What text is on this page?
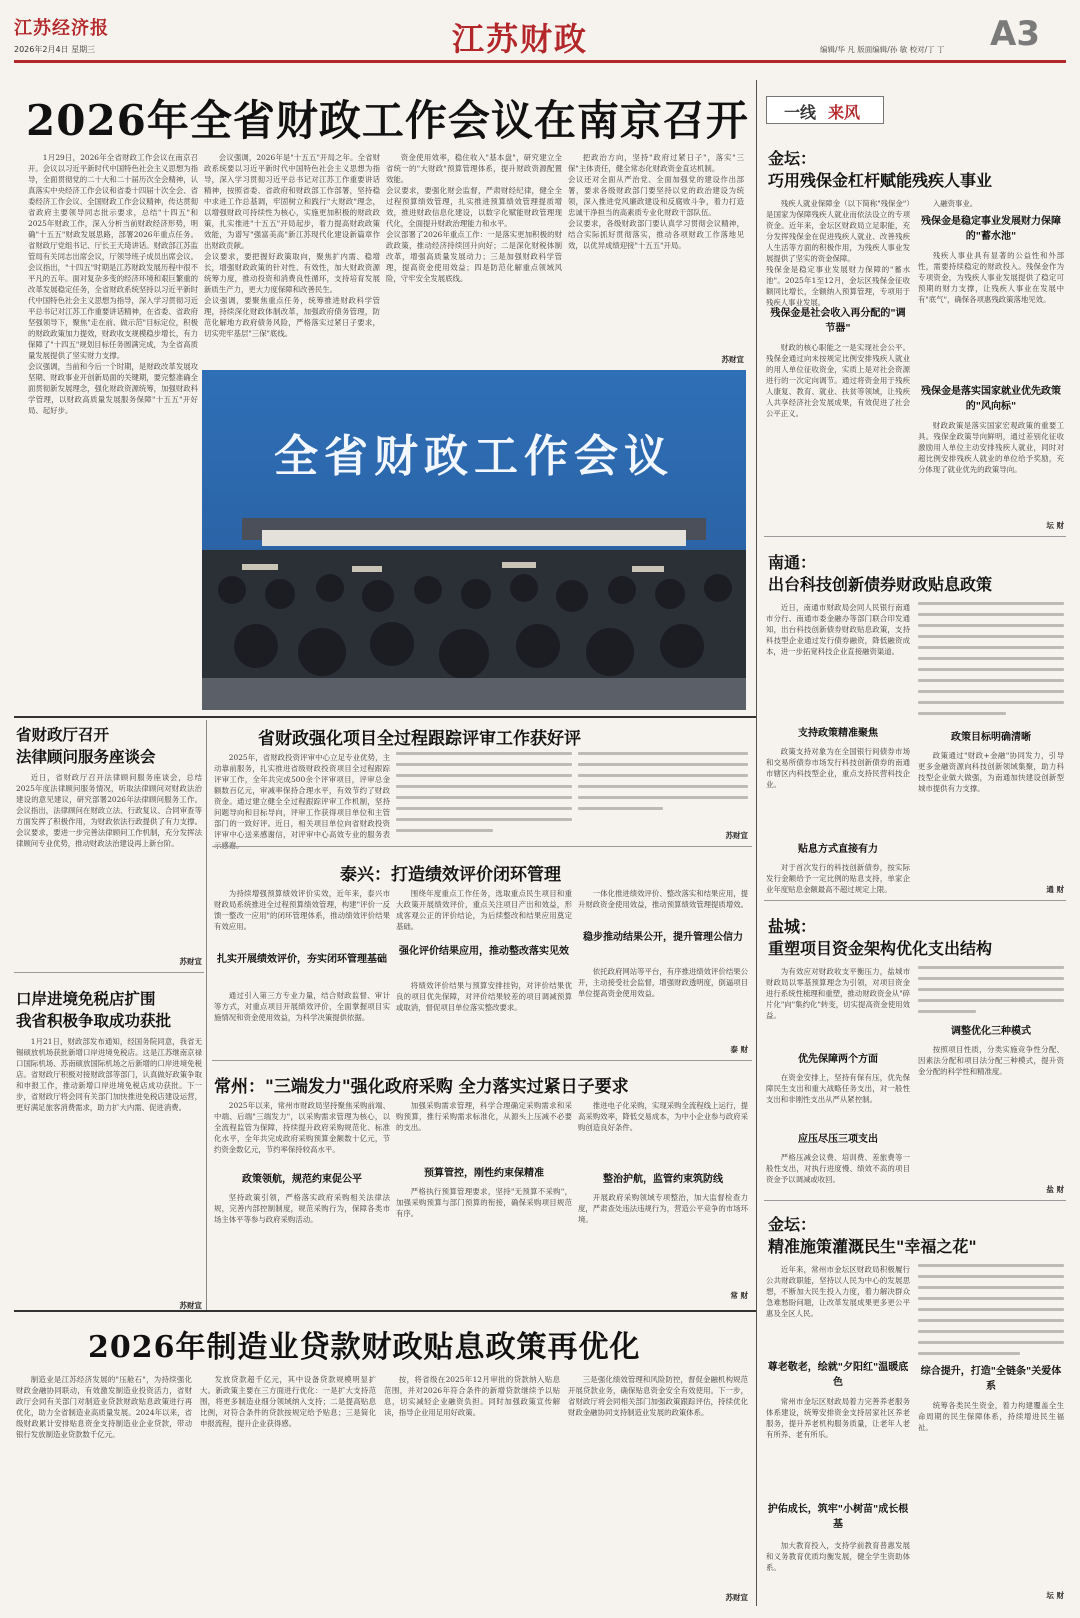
江苏经济报
2026年2月4日 星期三	江苏财政	编辑/华 凡 版面编辑/孙 敏 校对/丁 丁 A3
2026年全省财政工作会议在南京召开

1月29日，2026年全省财政工作会议在南京召开。会议以习近平新时代中国特色社会主义思想为指导，全面贯彻党的二十大和二十届历次全会精神，认真落实中央经济工作会议和省委十四届十次全会、省委经济工作会议、全国财政工作会议精神，传达贯彻省政府主要领导同志批示要求，总结"十四五"和2025年财政工作，深入分析当前财政经济形势，明确"十五五"财政发展思路，部署2026年重点任务。省财政厅党组书记、厅长王天琦讲话。财政部江苏监管局有关同志出席会议，厅领导班子成员出席会议。
会议指出，"十四五"时期是江苏财政发展历程中很不平凡的五年。面对复杂多变的经济环境和艰巨繁重的改革发展稳定任务，全省财政系统坚持以习近平新时代中国特色社会主义思想为指导，深入学习贯彻习近平总书记对江苏工作重要讲话精神，在省委、省政府坚强领导下，聚焦"走在前、做示范"目标定位，积极的财政政策加力提效，财政收支规模稳步增长，有力保障了"十四五"规划目标任务圆满完成，为全省高质量发展提供了坚实财力支撑。
会议强调，当前和今后一个时期，是财政改革发展攻坚期、财政事业开创新局面的关键期，要完整准确全面贯彻新发展理念，强化财政资源统筹，加强财政科学管理，以财政高质量发展服务保障"十五五"开好局、起好步。

会议强调，2026年是"十五五"开局之年。全省财政系统要以习近平新时代中国特色社会主义思想为指导，深入学习贯彻习近平总书记对江苏工作重要讲话精神，按照省委、省政府和财政部工作部署，坚持稳中求进工作总基调，牢固树立和践行"大财政"理念，以增强财政可持续性为核心，实施更加积极的财政政策，扎实推进"十五五"开局起步，着力提高财政政策效能，为谱写"强富美高"新江苏现代化建设新篇章作出财政贡献。
会议要求，要把握好政策取向，聚焦扩内需、稳增长，增强财政政策的针对性、有效性，加大财政资源统筹力度，推动投资和消费良性循环，支持培育发展新质生产力，更大力度保障和改善民生。
会议强调，要聚焦重点任务，统筹推进财政科学管理，持续深化财政体制改革，加强政府债务管理，防范化解地方政府债务风险，严格落实过紧日子要求，切实兜牢基层"三保"底线。

资金使用效率，稳住收入"基本盘"，研究建立全省统一的"大财政"预算管理体系，提升财政资源配置效能。
会议要求，要强化财会监督，严肃财经纪律，健全全过程预算绩效管理，扎实推进预算绩效管理提质增效，推进财政信息化建设，以数字化赋能财政管理现代化，全面提升财政治理能力和水平。
会议部署了2026年重点工作：一是落实更加积极的财政政策，推动经济持续回升向好；二是深化财税体制改革，增强高质量发展动力；三是加强财政科学管理，提高资金使用效益；四是防范化解重点领域风险，守牢安全发展底线。

把政治方向，坚持"政府过紧日子"，落实"三保"主体责任，健全常态化财政资金直达机制。
会议还对全面从严治党、全面加强党的建设作出部署，要求各级财政部门要坚持以党的政治建设为统领，深入推进党风廉政建设和反腐败斗争，着力打造忠诚干净担当的高素质专业化财政干部队伍。
会议要求，各级财政部门要认真学习贯彻会议精神，结合实际抓好贯彻落实，推动各项财政工作落地见效，以优异成绩迎接"十五五"开局。

苏财宣
全省财政工作会议
一线 来风
金坛：
巧用残保金杠杆赋能残疾人事业

残疾人就业保障金（以下简称"残保金"）是国家为保障残疾人就业而依法设立的专项资金。近年来，金坛区财政局立足职能，充分发挥残保金在促进残疾人就业、改善残疾人生活等方面的积极作用，为残疾人事业发展提供了坚实的资金保障。
残保金是稳定事业发展财力保障的"蓄水池"。2025年1至12月，金坛区残保金征收额同比增长，全额纳入预算管理，专项用于残疾人事业发展。

残保金是社会收入再分配的"调节器"

财政的核心职能之一是实现社会公平。残保金通过向未按规定比例安排残疾人就业的用人单位征收资金，实质上是对社会资源进行的一次定向调节。通过将资金用于残疾人康复、教育、就业、扶贫等领域，让残疾人共享经济社会发展成果，有效促进了社会公平正义。

入融资事业。

残保金是稳定事业发展财力保障的"蓄水池"

残疾人事业具有显著的公益性和外部性，需要持续稳定的财政投入。残保金作为专项资金，为残疾人事业发展提供了稳定可预期的财力支撑，让残疾人事业在发展中有"底气"，确保各项惠残政策落地见效。

残保金是落实国家就业优先政策的"风向标"

财政政策是落实国家宏观政策的重要工具。残保金政策导向鲜明，通过差别化征收激励用人单位主动安排残疾人就业，同时对超比例安排残疾人就业的单位给予奖励，充分体现了就业优先的政策导向。

坛 财
南通：
出台科技创新债券财政贴息政策

近日，南通市财政局会同人民银行南通市分行、南通市委金融办等部门联合印发通知，出台科技创新债券财政贴息政策，支持科技型企业通过发行债券融资，降低融资成本，进一步拓宽科技企业直接融资渠道。

支持政策精准聚焦

政策支持对象为在全国银行间债券市场和交易所债券市场发行科技创新债券的南通市辖区内科技型企业，重点支持民营科技企业。

贴息方式直接有力

对于首次发行的科技创新债券，按实际发行金额给予一定比例的贴息支持，单家企业年度贴息金额最高不超过规定上限。

政策目标明确清晰

政策通过"财政+金融"协同发力，引导更多金融资源向科技创新领域集聚，助力科技型企业做大做强，为南通加快建设创新型城市提供有力支撑。

通 财
盐城：
重塑项目资金架构优化支出结构

为有效应对财政收支平衡压力，盐城市财政局以零基预算理念为引领，对项目资金进行系统性梳理和重塑，推动财政资金从"碎片化"向"集约化"转变，切实提高资金使用效益。

优先保障两个方面

在资金安排上，坚持有保有压，优先保障民生支出和重大战略任务支出，对一般性支出和非刚性支出从严从紧控制。

应压尽压三项支出

严格压减会议费、培训费、差旅费等一般性支出，对执行进度慢、绩效不高的项目资金予以调减或收回。

调整优化三种模式

按照项目性质，分类实施竞争性分配、因素法分配和项目法分配三种模式，提升资金分配的科学性和精准度。

盐 财
金坛：
精准施策灌溉民生"幸福之花"

近年来，常州市金坛区财政局积极履行公共财政职能，坚持以人民为中心的发展思想，不断加大民生投入力度，着力解决群众急难愁盼问题，让改革发展成果更多更公平惠及全区人民。

尊老敬老，绘就"夕阳红"温暖底色

常州市金坛区财政局着力完善养老服务体系建设，统筹安排资金支持居家社区养老服务，提升养老机构服务质量，让老年人老有所养、老有所乐。

护佑成长，筑牢"小树苗"成长根基

加大教育投入，支持学前教育普惠发展和义务教育优质均衡发展，健全学生资助体系。

综合提升，打造"全链条"关爱体系

统筹各类民生资金，着力构建覆盖全生命周期的民生保障体系，持续增进民生福祉。

坛 财
省财政厅召开
法律顾问服务座谈会

近日，省财政厅召开法律顾问服务座谈会，总结2025年度法律顾问服务情况，听取法律顾问对财政法治建设的意见建议，研究部署2026年法律顾问服务工作。会议指出，法律顾问在财政立法、行政复议、合同审查等方面发挥了积极作用，为财政依法行政提供了有力支撑。会议要求，要进一步完善法律顾问工作机制，充分发挥法律顾问专业优势，推动财政法治建设再上新台阶。

苏财宣
口岸进境免税店扩围
我省积极争取成功获批

1月21日，财政部发布通知，经国务院同意，我省无锡硕放机场获批新增口岸进境免税店。这是江苏继南京禄口国际机场、苏南硕放国际机场之后新增的口岸进境免税店。省财政厅积极对接财政部等部门，认真做好政策争取和申报工作，推动新增口岸进境免税店成功获批。下一步，省财政厅将会同有关部门加快推进免税店建设运营，更好满足旅客消费需求，助力扩大内需、促进消费。

苏财宣
省财政强化项目全过程跟踪评审工作获好评

2025年，省财政投资评审中心立足专业优势，主动靠前服务，扎实推进省级财政投资项目全过程跟踪评审工作，全年共完成500余个评审项目，评审总金额数百亿元，审减率保持合理水平，有效节约了财政资金。通过建立健全全过程跟踪评审工作机制，坚持问题导向和目标导向，评审工作获得项目单位和主管部门的一致好评。近日，相关项目单位向省财政投资评审中心送来感谢信，对评审中心高效专业的服务表	苏财宣
泰兴：打造绩效评价闭环管理

为持续增强预算绩效评价实效，近年来，泰兴市财政局系统推进全过程预算绩效管理，构建"评价一反馈一整改一应用"的闭环管理体系，推动绩效评价结果有效应用。

扎实开展绩效评价，夯实闭环管理基础

通过引入第三方专业力量，结合财政监督、审计等方式，对重点项目开展绩效评价，全面掌握项目实施情况和资金使用效益，为科学决策提供依据。

围绕年度重点工作任务，选取重点民生项目和重大政策开展绩效评价，重点关注项目产出和效益，形成客观公正的评价结论，为后续整改和结果应用奠定基础。

强化评价结果应用，推动整改落实见效

将绩效评价结果与预算安排挂钩，对评价结果优良的项目优先保障，对评价结果较差的项目调减预算或取消，督促项目单位落实整改要求。

一体化推进绩效评价、整改落实和结果应用，提升财政资金使用效益，推动预算绩效管理提质增效。

稳步推动结果公开，提升管理公信力

依托政府网站等平台，有序推进绩效评价结果公开，主动接受社会监督，增强财政透明度，倒逼项目单位提高资金使用效益。

泰 财
常州："三端发力"强化政府采购 全力落实过紧日子要求

2025年以来，常州市财政局坚持聚焦采购前端、中端、后端"三端发力"，以采购需求管理为核心，以全流程监管为保障，持续提升政府采购规范化、标准化水平，全年共完成政府采购预算金额数十亿元，节约资金数亿元，节约率保持较高水平。

政策领航，规范约束促公平

坚持政策引领，严格落实政府采购相关法律法规，完善内部控制制度，规范采购行为，保障各类市场主体平等参与政府采购活动。

加强采购需求管理，科学合理确定采购需求和采购预算，推行采购需求标准化，从源头上压减不必要的支出。

预算管控，刚性约束保精准

严格执行预算管理要求，坚持"无预算不采购"，加强采购预算与部门预算的衔接，确保采购项目规范有序。

推进电子化采购，实现采购全流程线上运行，提高采购效率，降低交易成本，为中小企业参与政府采购创造良好条件。

整治护航，监管约束筑防线

开展政府采购领域专项整治，加大监督检查力度，严肃查处违法违规行为，营造公平竞争的市场环境。

常 财
2026年制造业贷款财政贴息政策再优化

制造业是江苏经济发展的"压舱石"，为持续强化财政金融协同联动，有效激发制造业投资活力，省财政厅会同有关部门对制造业贷款财政贴息政策进行再优化，助力全省制造业高质量发展。2024年以来，省级财政累计安排贴息资金支持制造业企业贷款，带动银行发放制造业贷款数千亿元。

发放贷款超千亿元，其中设备贷款规模明显扩大。新政策主要在三方面进行优化：一是扩大支持范围，将更多制造业细分领域纳入支持；二是提高贴息比例，对符合条件的贷款按规定给予贴息；三是简化申报流程，提升企业获得感。

按，将省级在2025年12月审批的贷款纳入贴息范围，并对2026年符合条件的新增贷款继续予以贴息，切实减轻企业融资负担。同时加强政策宣传解读，指导企业用足用好政策。

三是强化绩效管理和风险防控，督促金融机构规范开展贷款业务，确保贴息资金安全有效使用。下一步，省财政厅将会同相关部门加强政策跟踪评估，持续优化财政金融协同支持制造业发展的政策体系。

苏财宣
